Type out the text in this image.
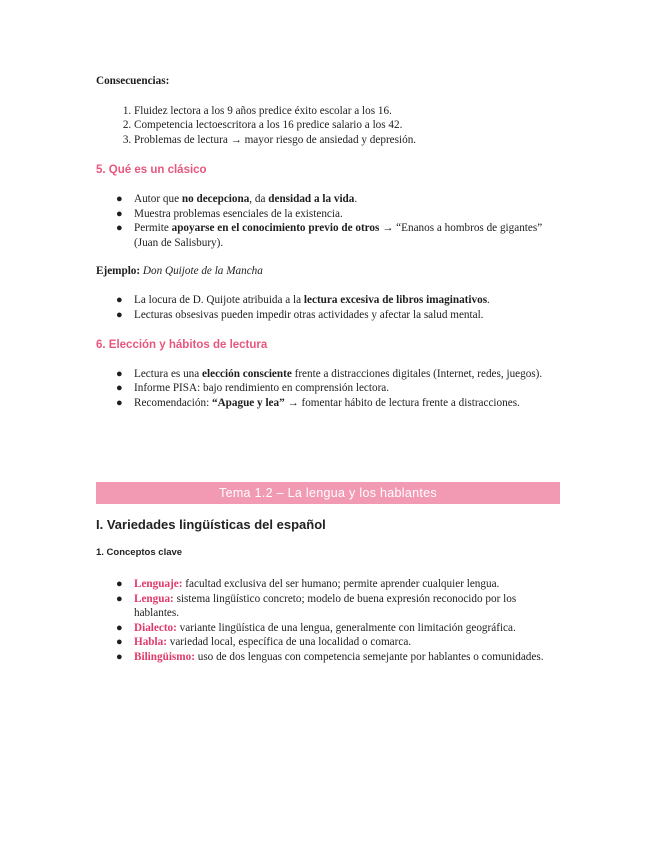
Consecuencias:

1. Fluidez lectora a los 9 años predice éxito escolar a los 16.
2. Competencia lectoescritora a los 16 predice salario a los 42.
3. Problemas de lectura → mayor riesgo de ansiedad y depresión.

5. Qué es un clásico

● Autor que no decepciona, da densidad a la vida.
● Muestra problemas esenciales de la existencia.
● Permite apoyarse en el conocimiento previo de otros → “Enanos a hombros de gigantes” (Juan de Salisbury).

Ejemplo: Don Quijote de la Mancha

● La locura de D. Quijote atribuida a la lectura excesiva de libros imaginativos.
● Lecturas obsesivas pueden impedir otras actividades y afectar la salud mental.

6. Elección y hábitos de lectura

● Lectura es una elección consciente frente a distracciones digitales (Internet, redes, juegos).
● Informe PISA: bajo rendimiento en comprensión lectora.
● Recomendación: “Apague y lea” → fomentar hábito de lectura frente a distracciones.
Tema 1.2 – La lengua y los hablantes
I. Variedades lingüísticas del español
1. Conceptos clave
● Lenguaje: facultad exclusiva del ser humano; permite aprender cualquier lengua.
● Lengua: sistema lingüístico concreto; modelo de buena expresión reconocido por los hablantes.
● Dialecto: variante lingüística de una lengua, generalmente con limitación geográfica.
● Habla: variedad local, específica de una localidad o comarca.
● Bilingüismo: uso de dos lenguas con competencia semejante por hablantes o comunidades.
